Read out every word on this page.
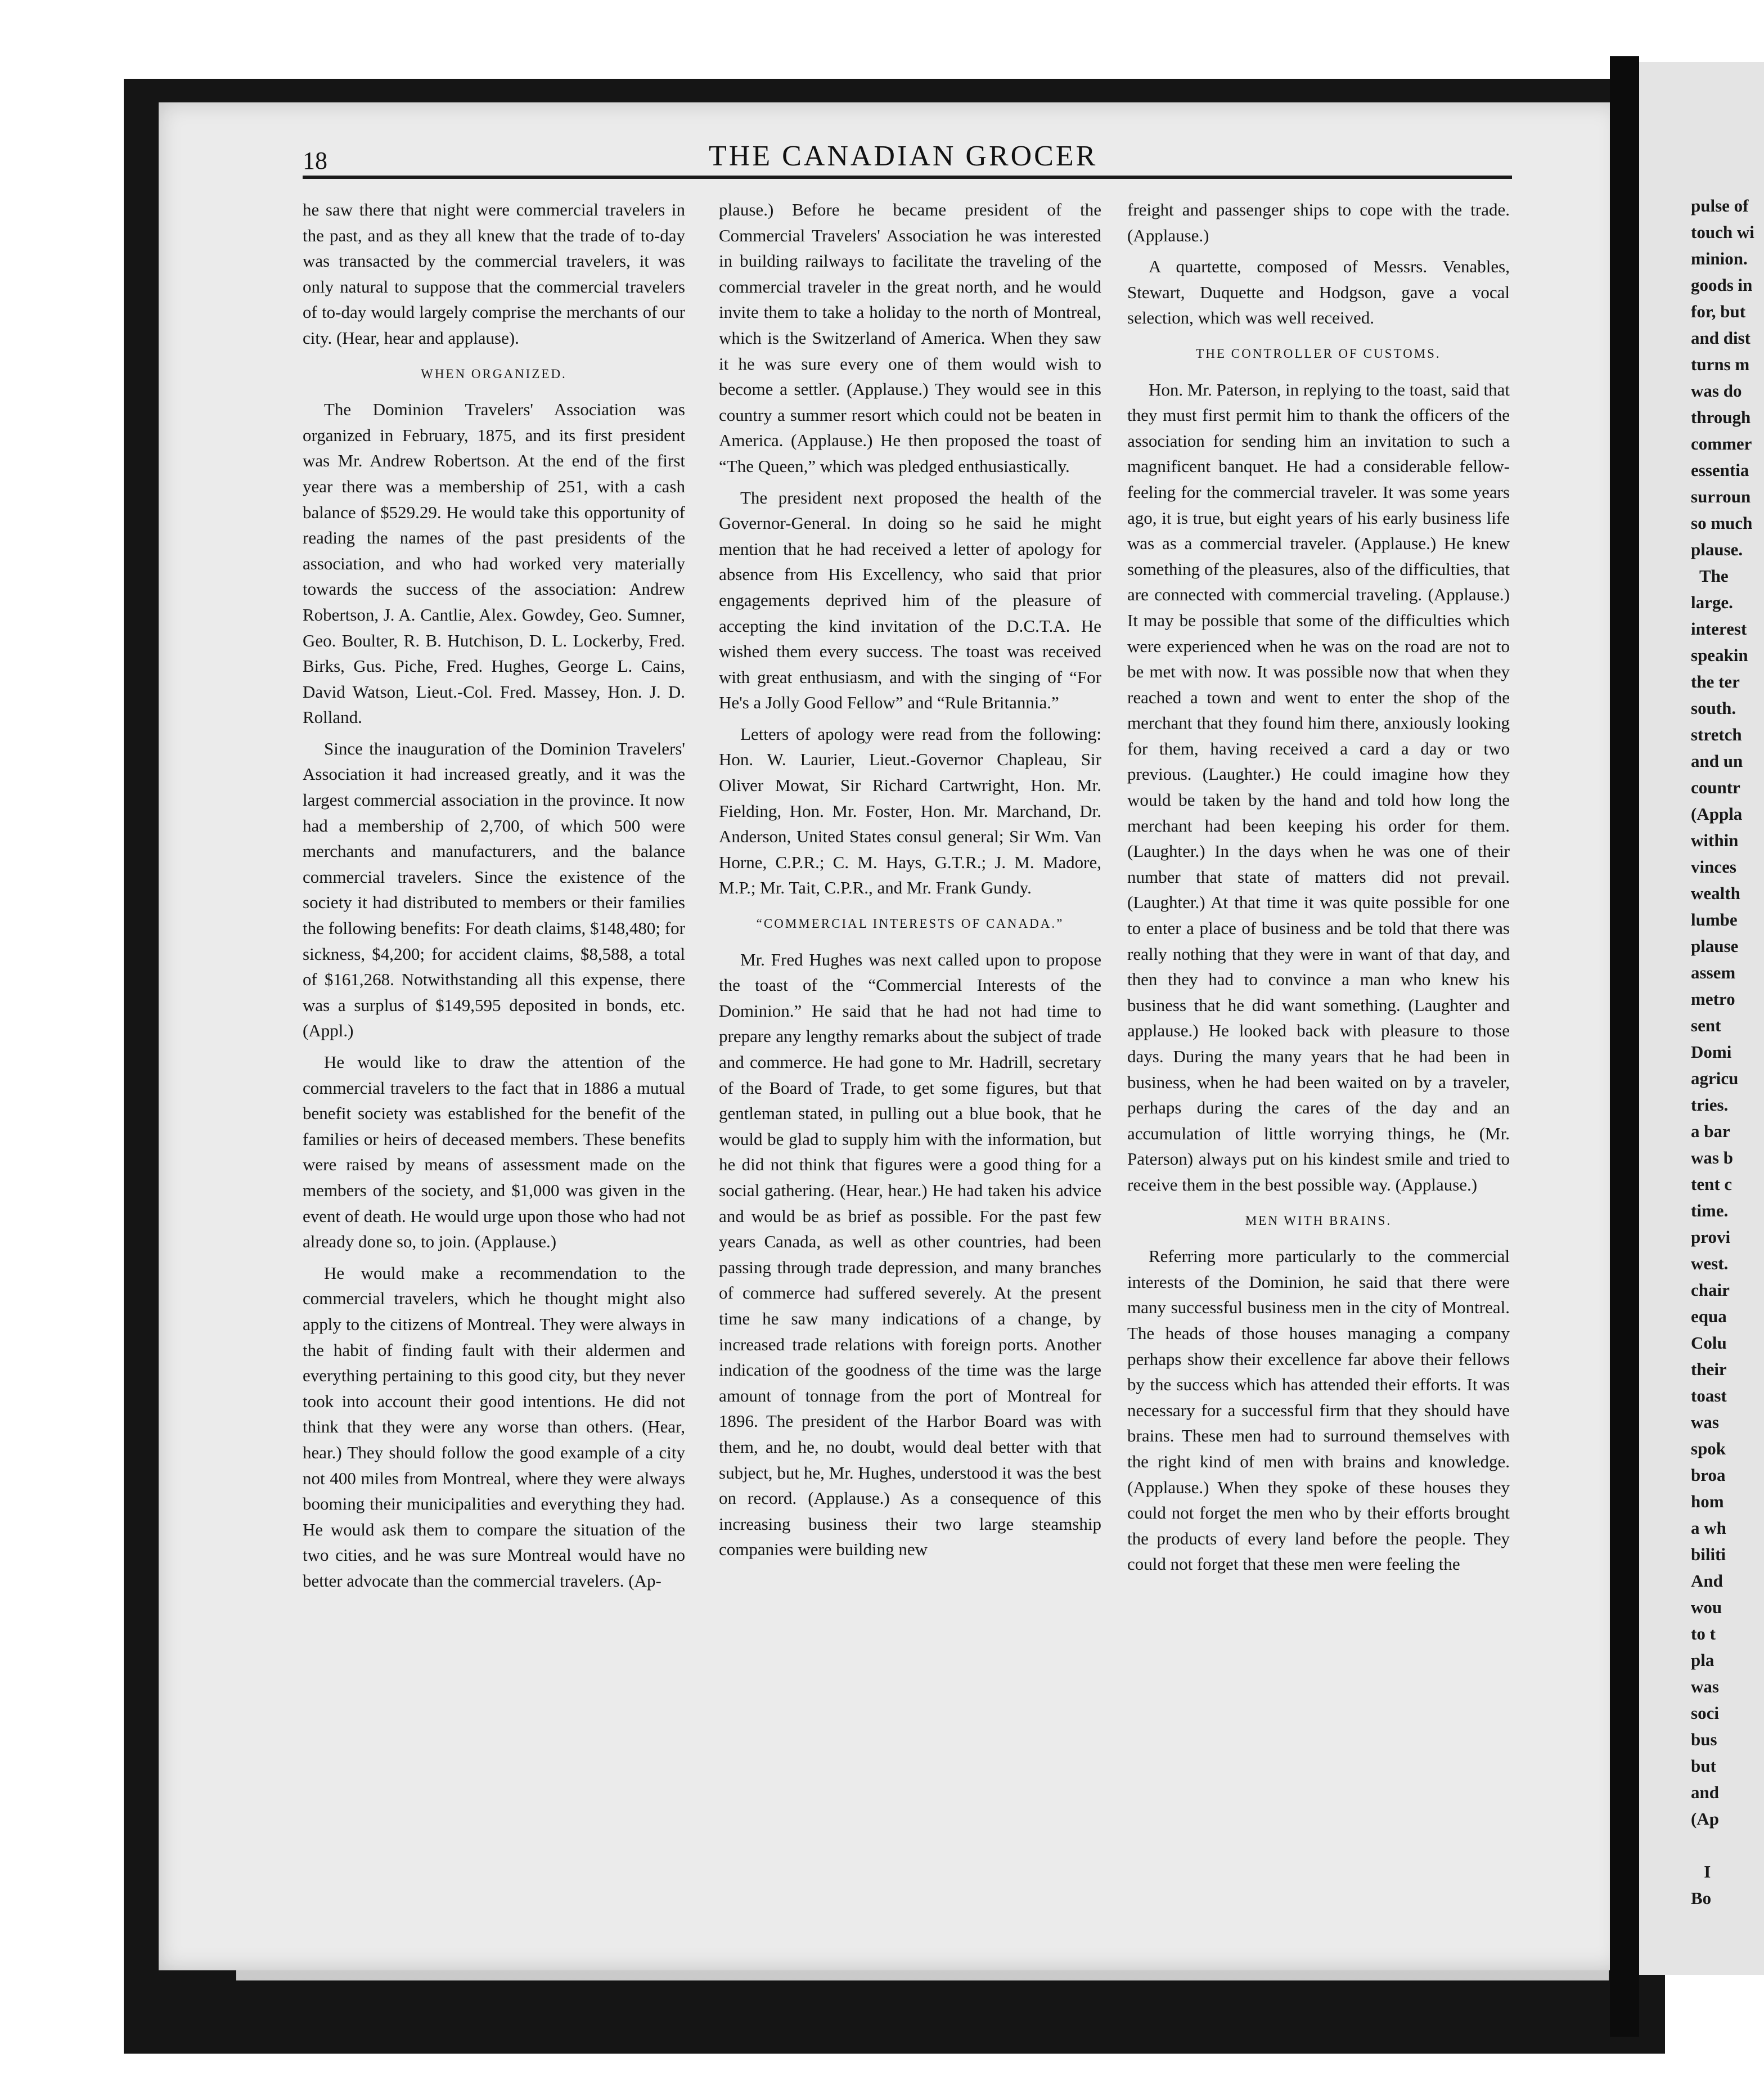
pulse of
touch wi
minion.
goods in
for, but
and dist
turns m
was do
through
commer
essentia
surroun
so much
plause.
The
large.
interest
speakin
the ter
south.
stretch
and un
countr
(Appla
within
vinces
wealth
lumbe
plause
assem
metro
sent
Domi
agricu
tries.
a bar
was b
tent c
time.
provi
west.
chair
equa
Colu
their
toast
was
spok
broa
hom
a wh
biliti
And
wou
to t
pla
was
soci
bus
but
and
(Ap

I
Bo
18	THE CANADIAN GROCER

he saw there that night were commercial travelers in the past, and as they all knew that the trade of to-day was transacted by the commercial travelers, it was only natural to suppose that the commercial travelers of to-day would largely comprise the merchants of our city. (Hear, hear and applause).

WHEN ORGANIZED.

The Dominion Travelers' Association was organized in February, 1875, and its first president was Mr. Andrew Robertson. At the end of the first year there was a membership of 251, with a cash balance of $529.29. He would take this opportunity of reading the names of the past presidents of the association, and who had worked very materially towards the success of the association: Andrew Robertson, J. A. Cantlie, Alex. Gowdey, Geo. Sumner, Geo. Boulter, R. B. Hutchison, D. L. Lockerby, Fred. Birks, Gus. Piche, Fred. Hughes, George L. Cains, David Watson, Lieut.-Col. Fred. Massey, Hon. J. D. Rolland.

Since the inauguration of the Dominion Travelers' Association it had increased greatly, and it was the largest commercial association in the province. It now had a membership of 2,700, of which 500 were merchants and manufacturers, and the balance commercial travelers. Since the existence of the society it had distributed to members or their families the following benefits: For death claims, $148,480; for sickness, $4,200; for accident claims, $8,588, a total of $161,268. Notwithstanding all this expense, there was a surplus of $149,595 deposited in bonds, etc. (Appl.)

He would like to draw the attention of the commercial travelers to the fact that in 1886 a mutual benefit society was established for the benefit of the families or heirs of deceased members. These benefits were raised by means of assessment made on the members of the society, and $1,000 was given in the event of death. He would urge upon those who had not already done so, to join. (Applause.)

He would make a recommendation to the commercial travelers, which he thought might also apply to the citizens of Montreal. They were always in the habit of finding fault with their aldermen and everything pertaining to this good city, but they never took into account their good intentions. He did not think that they were any worse than others. (Hear, hear.) They should follow the good example of a city not 400 miles from Montreal, where they were always booming their municipalities and everything they had. He would ask them to compare the situation of the two cities, and he was sure Montreal would have no better advocate than the commercial travelers. (Ap-

plause.) Before he became president of the Commercial Travelers' Association he was interested in building railways to facilitate the traveling of the commercial traveler in the great north, and he would invite them to take a holiday to the north of Montreal, which is the Switzerland of America. When they saw it he was sure every one of them would wish to become a settler. (Applause.) They would see in this country a summer resort which could not be beaten in America. (Applause.) He then proposed the toast of “The Queen,” which was pledged enthusiastically.

The president next proposed the health of the Governor-General. In doing so he said he might mention that he had received a letter of apology for absence from His Excellency, who said that prior engagements deprived him of the pleasure of accepting the kind invitation of the D.C.T.A. He wished them every success. The toast was received with great enthusiasm, and with the singing of “For He's a Jolly Good Fellow” and “Rule Britannia.”

Letters of apology were read from the following: Hon. W. Laurier, Lieut.-Governor Chapleau, Sir Oliver Mowat, Sir Richard Cartwright, Hon. Mr. Fielding, Hon. Mr. Foster, Hon. Mr. Marchand, Dr. Anderson, United States consul general; Sir Wm. Van Horne, C.P.R.; C. M. Hays, G.T.R.; J. M. Madore, M.P.; Mr. Tait, C.P.R., and Mr. Frank Gundy.

“COMMERCIAL INTERESTS OF CANADA.”

Mr. Fred Hughes was next called upon to propose the toast of the “Commercial Interests of the Dominion.” He said that he had not had time to prepare any lengthy remarks about the subject of trade and commerce. He had gone to Mr. Hadrill, secretary of the Board of Trade, to get some figures, but that gentleman stated, in pulling out a blue book, that he would be glad to supply him with the information, but he did not think that figures were a good thing for a social gathering. (Hear, hear.) He had taken his advice and would be as brief as possible. For the past few years Canada, as well as other countries, had been passing through trade depression, and many branches of commerce had suffered severely. At the present time he saw many indications of a change, by increased trade relations with foreign ports. Another indication of the goodness of the time was the large amount of tonnage from the port of Montreal for 1896. The president of the Harbor Board was with them, and he, no doubt, would deal better with that subject, but he, Mr. Hughes, understood it was the best on record. (Applause.) As a consequence of this increasing business their two large steamship companies were building new

freight and passenger ships to cope with the trade. (Applause.)

A quartette, composed of Messrs. Venables, Stewart, Duquette and Hodgson, gave a vocal selection, which was well received.

THE CONTROLLER OF CUSTOMS.

Hon. Mr. Paterson, in replying to the toast, said that they must first permit him to thank the officers of the association for sending him an invitation to such a magnificent banquet. He had a considerable fellow-feeling for the commercial traveler. It was some years ago, it is true, but eight years of his early business life was as a commercial traveler. (Applause.) He knew something of the pleasures, also of the difficulties, that are connected with commercial traveling. (Applause.) It may be possible that some of the difficulties which were experienced when he was on the road are not to be met with now. It was possible now that when they reached a town and went to enter the shop of the merchant that they found him there, anxiously looking for them, having received a card a day or two previous. (Laughter.) He could imagine how they would be taken by the hand and told how long the merchant had been keeping his order for them. (Laughter.) In the days when he was one of their number that state of matters did not prevail. (Laughter.) At that time it was quite possible for one to enter a place of business and be told that there was really nothing that they were in want of that day, and then they had to convince a man who knew his business that he did want something. (Laughter and applause.) He looked back with pleasure to those days. During the many years that he had been in business, when he had been waited on by a traveler, perhaps during the cares of the day and an accumulation of little worrying things, he (Mr. Paterson) always put on his kindest smile and tried to receive them in the best possible way. (Applause.)

MEN WITH BRAINS.

Referring more particularly to the commercial interests of the Dominion, he said that there were many successful business men in the city of Montreal. The heads of those houses managing a company perhaps show their excellence far above their fellows by the success which has attended their efforts. It was necessary for a successful firm that they should have brains. These men had to surround themselves with the right kind of men with brains and knowledge. (Applause.) When they spoke of these houses they could not forget the men who by their efforts brought the products of every land before the people. They could not forget that these men were feeling the
